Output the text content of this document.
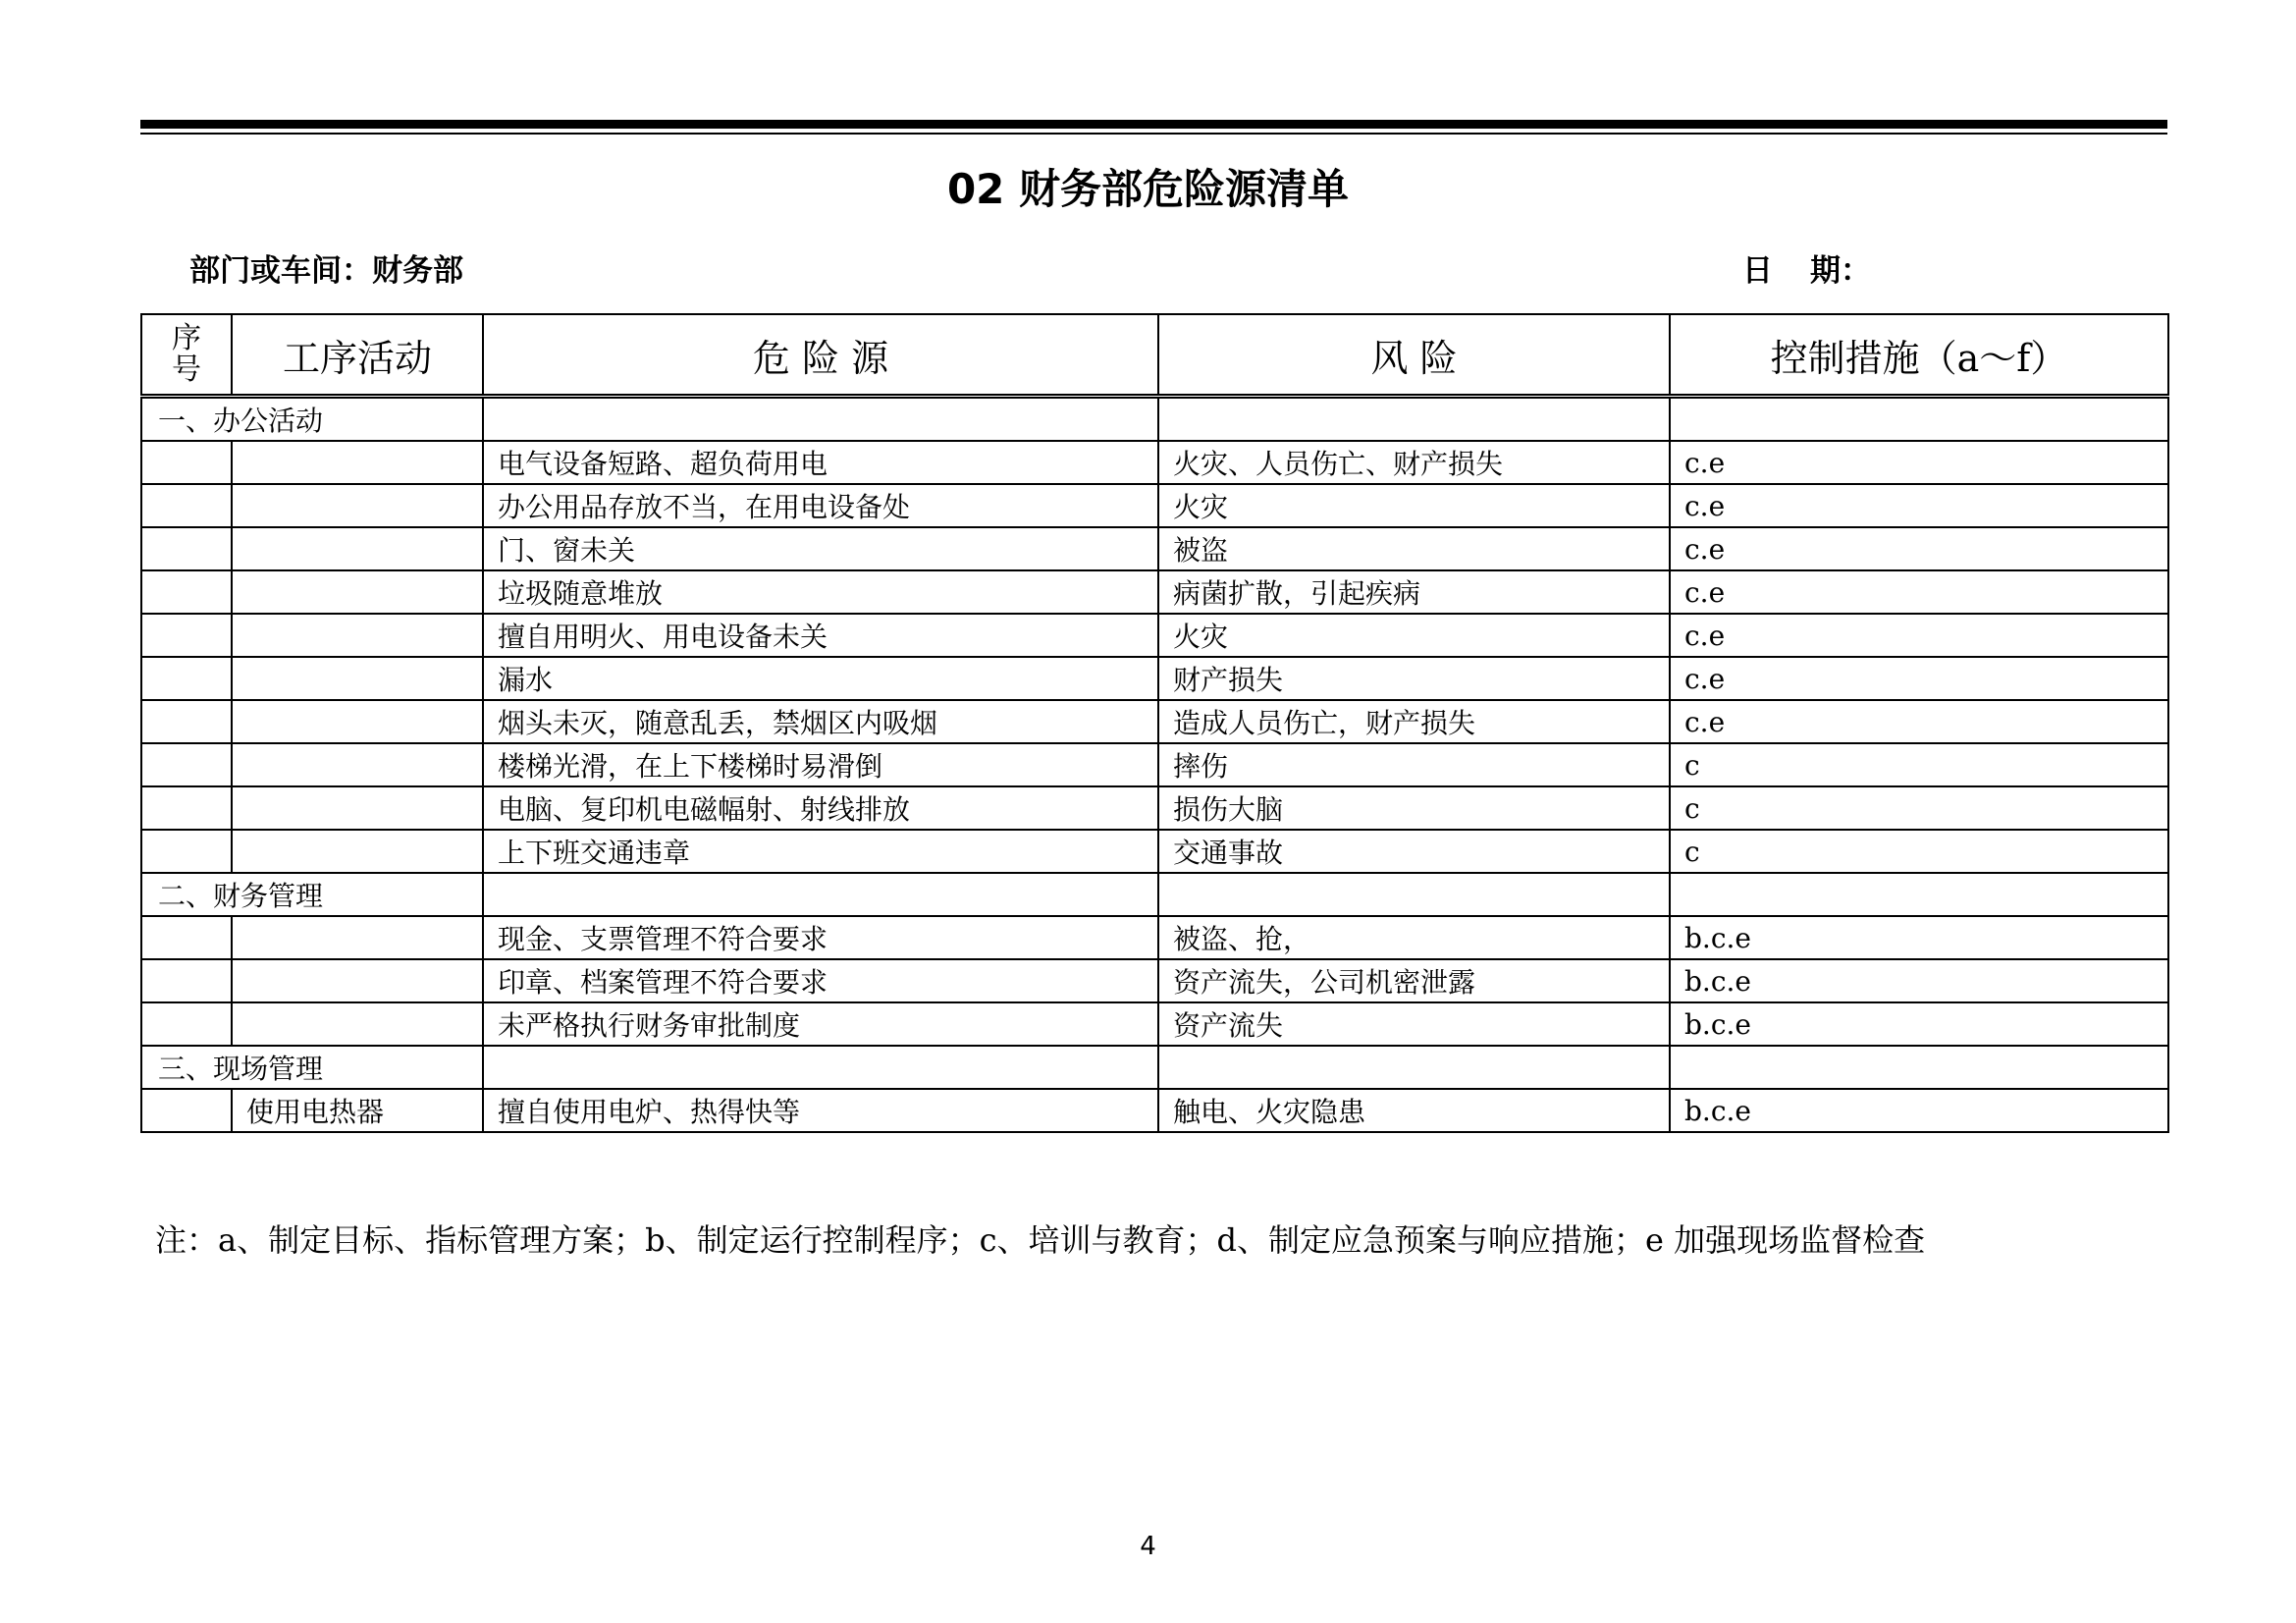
02 财务部危险源清单
部门或车间：财务部	日 期：
序
号	工序活动	危 险 源	风 险	控制措施（a～f）
一、办公活动				
		电气设备短路、超负荷用电	火灾、人员伤亡、财产损失	c.e
		办公用品存放不当，在用电设备处	火灾	c.e
		门、窗未关	被盗	c.e
		垃圾随意堆放	病菌扩散，引起疾病	c.e
		擅自用明火、用电设备未关	火灾	c.e
		漏水	财产损失	c.e
		烟头未灭，随意乱丢，禁烟区内吸烟	造成人员伤亡，财产损失	c.e
		楼梯光滑，在上下楼梯时易滑倒	摔伤	c
		电脑、复印机电磁幅射、射线排放	损伤大脑	c
		上下班交通违章	交通事故	c
二、财务管理				
		现金、支票管理不符合要求	被盗、抢，	b.c.e
		印章、档案管理不符合要求	资产流失，公司机密泄露	b.c.e
		未严格执行财务审批制度	资产流失	b.c.e
三、现场管理				
	使用电热器	擅自使用电炉、热得快等	触电、火灾隐患	b.c.e
注：a、制定目标、指标管理方案；b、制定运行控制程序；c、培训与教育；d、制定应急预案与响应措施；e 加强现场监督检查
4
